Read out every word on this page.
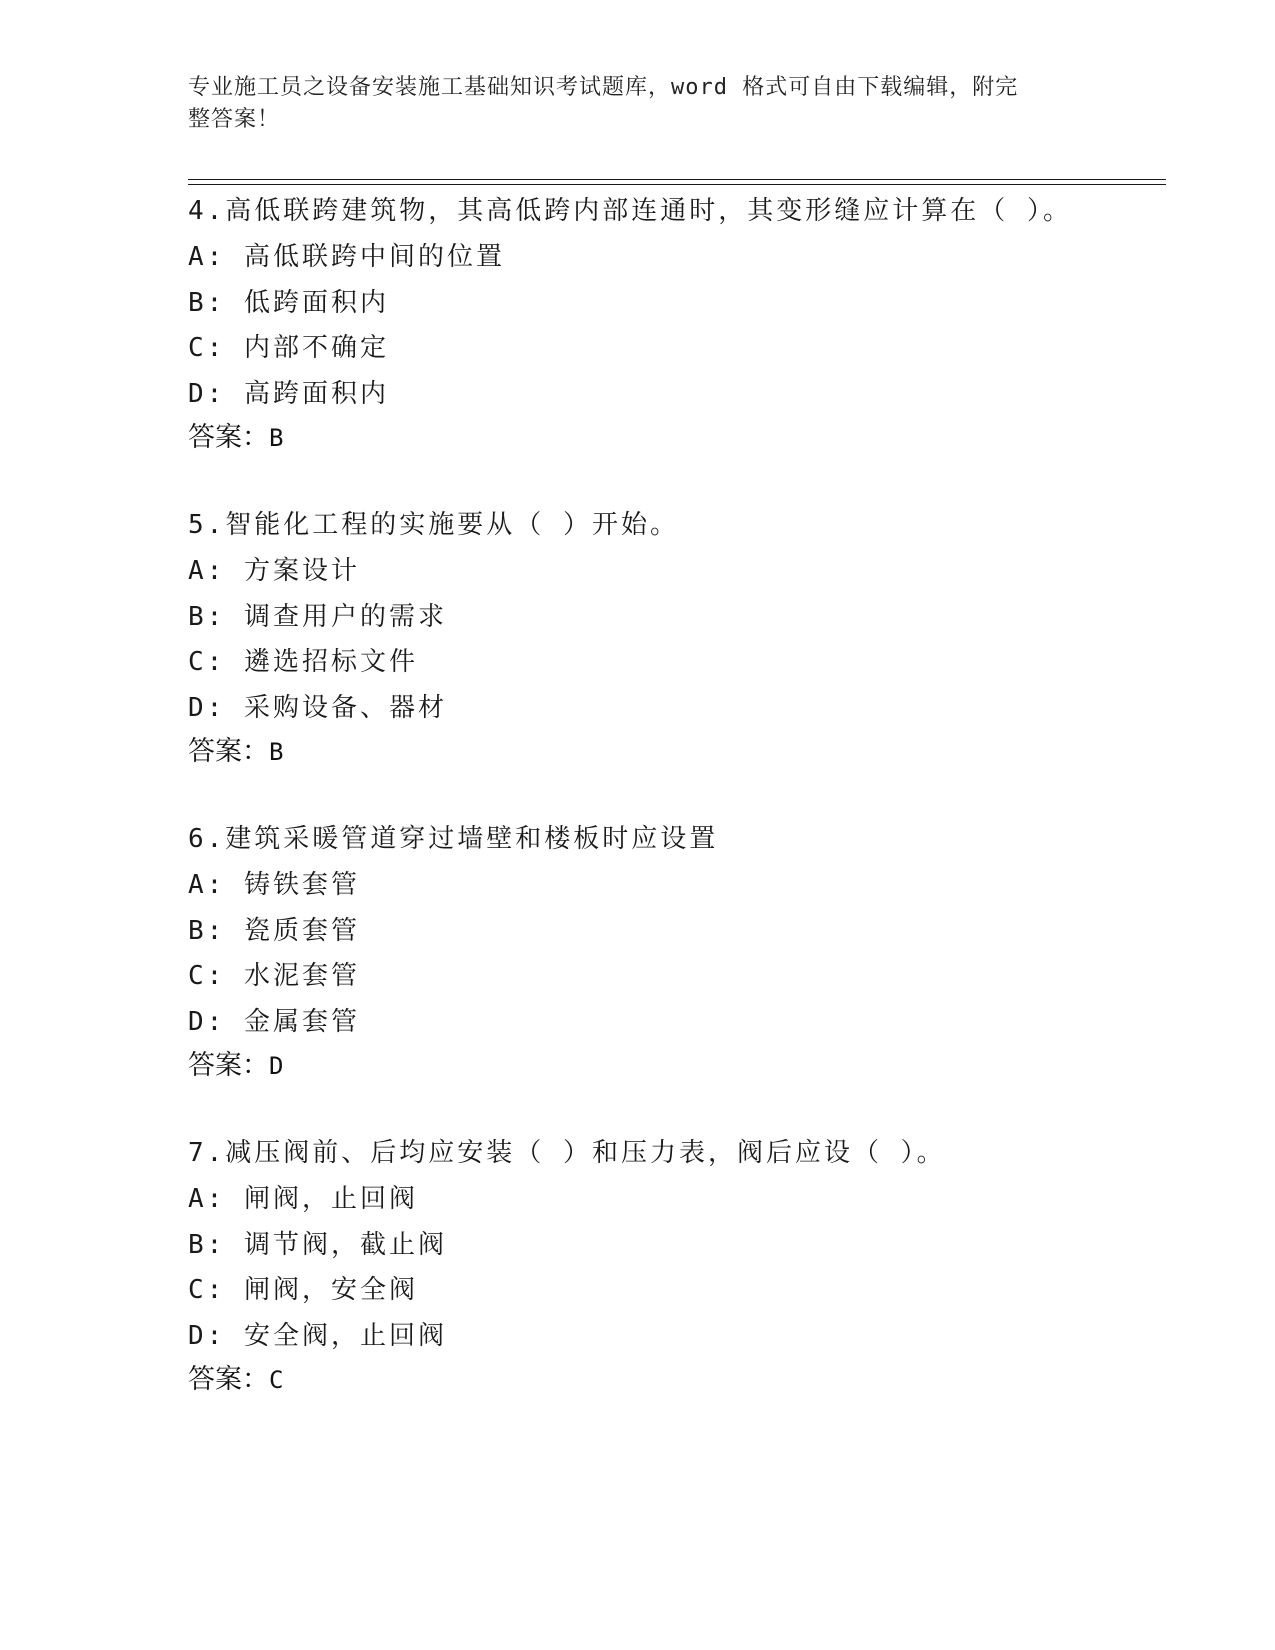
专业施工员之设备安装施工基础知识考试题库，word 格式可自由下载编辑，附完
整答案！
4.高低联跨建筑物，其高低跨内部连通时，其变形缝应计算在（ ）。
A: 高低联跨中间的位置
B: 低跨面积内
C: 内部不确定
D: 高跨面积内
答案：B
5.智能化工程的实施要从（ ）开始。
A: 方案设计
B: 调查用户的需求
C: 遴选招标文件
D: 采购设备、器材
答案：B
6.建筑采暖管道穿过墙壁和楼板时应设置
A: 铸铁套管
B: 瓷质套管
C: 水泥套管
D: 金属套管
答案：D
7.减压阀前、后均应安装（ ）和压力表，阀后应设（ ）。
A: 闸阀，止回阀
B: 调节阀，截止阀
C: 闸阀，安全阀
D: 安全阀，止回阀
答案：C
